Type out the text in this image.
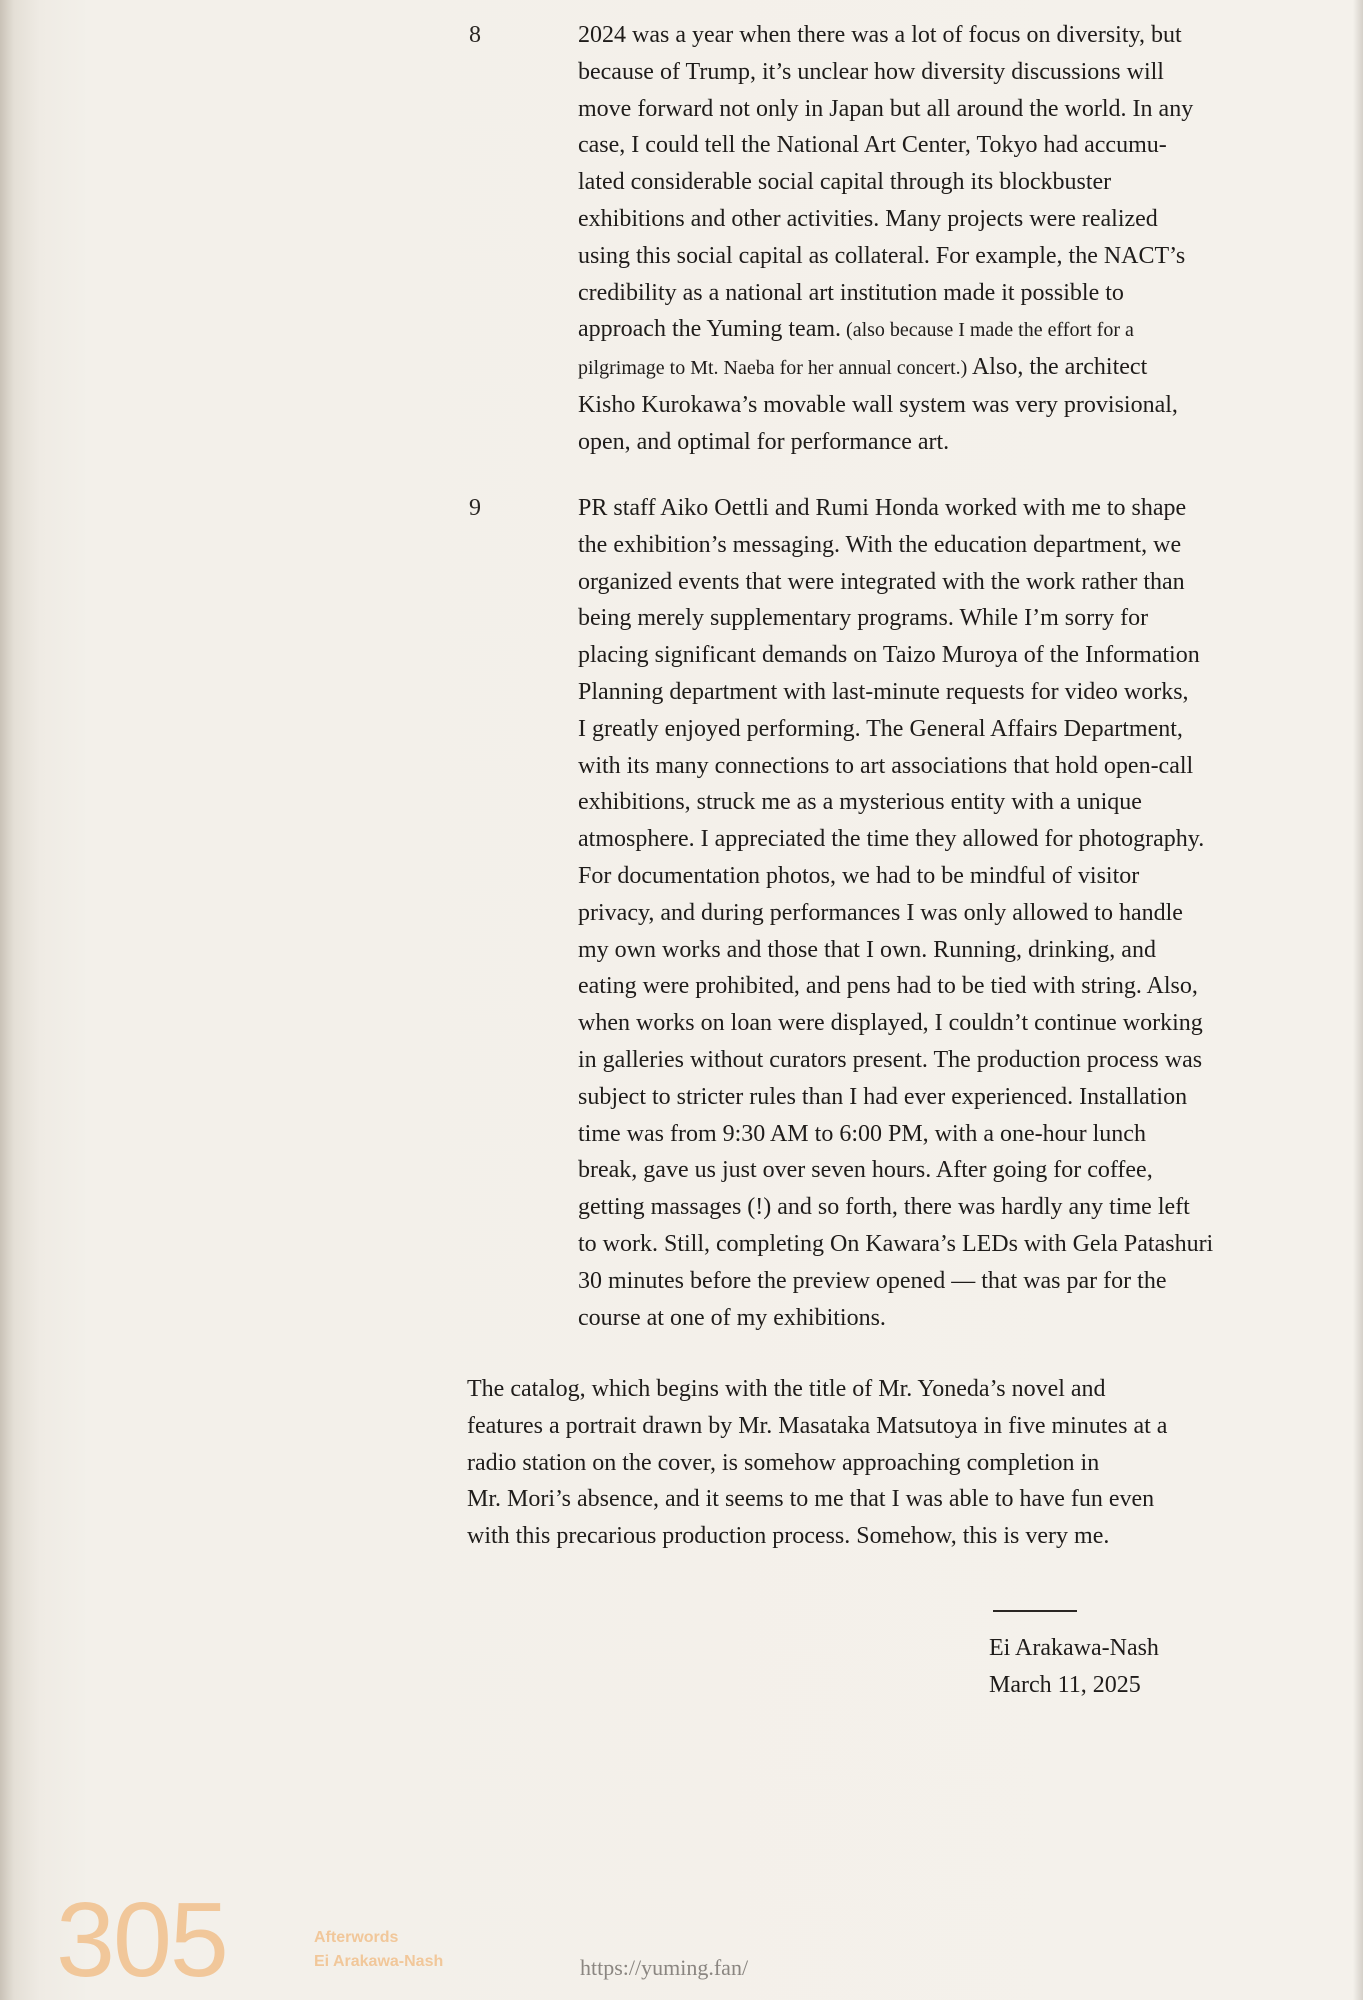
8	2024 was a year when there was a lot of focus on diversity, but
because of Trump, it’s unclear how diversity discussions will
move forward not only in Japan but all around the world. In any
case, I could tell the National Art Center, Tokyo had accumu-
lated considerable social capital through its blockbuster
exhibitions and other activities. Many projects were realized
using this social capital as collateral. For example, the NACT’s
credibility as a national art institution made it possible to
approach the Yuming team. (also because I made the effort for a
pilgrimage to Mt. Naeba for her annual concert.) Also, the architect
Kisho Kurokawa’s movable wall system was very provisional,
open, and optimal for performance art.
9	PR staff Aiko Oettli and Rumi Honda worked with me to shape
the exhibition’s messaging. With the education department, we
organized events that were integrated with the work rather than
being merely supplementary programs. While I’m sorry for
placing significant demands on Taizo Muroya of the Information
Planning department with last-minute requests for video works,
I greatly enjoyed performing. The General Affairs Department,
with its many connections to art associations that hold open-call
exhibitions, struck me as a mysterious entity with a unique
atmosphere. I appreciated the time they allowed for photography.
For documentation photos, we had to be mindful of visitor
privacy, and during performances I was only allowed to handle
my own works and those that I own. Running, drinking, and
eating were prohibited, and pens had to be tied with string. Also,
when works on loan were displayed, I couldn’t continue working
in galleries without curators present. The production process was
subject to stricter rules than I had ever experienced. Installation
time was from 9:30 AM to 6:00 PM, with a one-hour lunch
break, gave us just over seven hours. After going for coffee,
getting massages (!) and so forth, there was hardly any time left
to work. Still, completing On Kawara’s LEDs with Gela Patashuri
30 minutes before the preview opened — that was par for the
course at one of my exhibitions.
The catalog, which begins with the title of Mr. Yoneda’s novel and
features a portrait drawn by Mr. Masataka Matsutoya in five minutes at a
radio station on the cover, is somehow approaching completion in
Mr. Mori’s absence, and it seems to me that I was able to have fun even
with this precarious production process. Somehow, this is very me.
Ei Arakawa-Nash
March 11, 2025
305	Afterwords
Ei Arakawa-Nash	https://yuming.fan/
